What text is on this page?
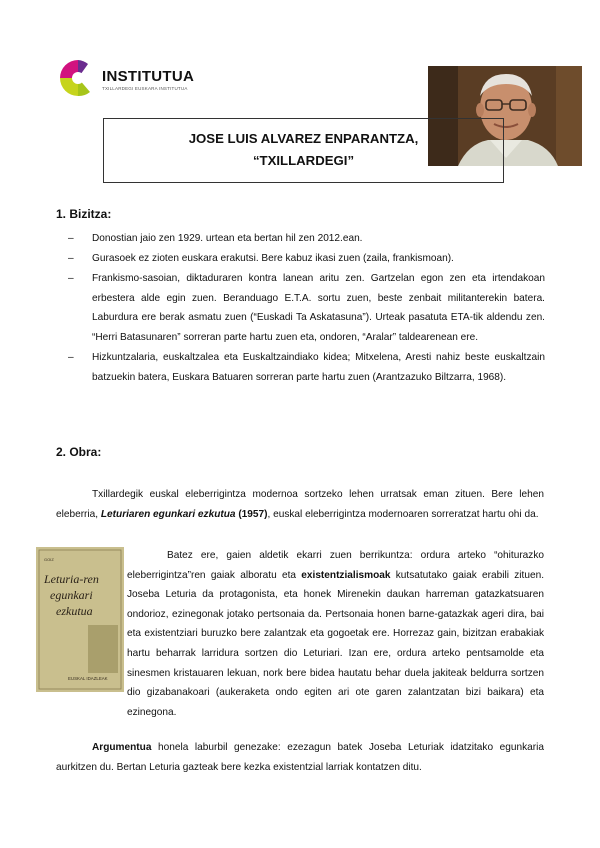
INSTITUTUA
TXILLARDEGI EUSKARA INSTITUTUA
JOSE LUIS ALVAREZ ENPARANTZA,
“TXILLARDEGI”
1. Bizitza:
– Donostian jaio zen 1929. urtean eta bertan hil zen 2012.ean.
– Gurasoek ez zioten euskara erakutsi. Bere kabuz ikasi zuen (zaila, frankismoan).
– Frankismo-sasoian, diktaduraren kontra lanean aritu zen. Gartzelan egon zen eta irtendakoan erbestera alde egin zuen. Beranduago E.T.A. sortu zuen, beste zenbait militanterekin batera. Laburdura ere berak asmatu zuen (“Euskadi Ta Askatasuna”). Urteak pasatuta ETA-tik aldendu zen. “Herri Batasunaren” sorreran parte hartu zuen eta, ondoren, “Aralar” taldearenean ere.
– Hizkuntzalaria, euskaltzalea eta Euskaltzaindiako kidea; Mitxelena, Aresti nahiz beste euskaltzain batzuekin batera, Euskara Batuaren sorreran parte hartu zuen (Arantzazuko Biltzarra, 1968).
2. Obra:
Txillardegik euskal eleberrigintza modernoa sortzeko lehen urratsak eman zituen. Bere lehen eleberria, Leturiaren egunkari ezkutua (1957), euskal eleberrigintza modernoaren sorreratzat hartu ohi da.
GOIZ
Leturia-ren
egunkari
ezkutua
EUSKAL IDAZLEAK
Batez ere, gaien aldetik ekarri zuen berrikuntza: ordura arteko “ohiturazko eleberrigintza”ren gaiak alboratu eta existentzialismoak kutsatutako gaiak erabili zituen. Joseba Leturia da protagonista, eta honek Mirenekin daukan harreman gatazkatsuaren ondorioz, ezinegonak jotako pertsonaia da. Pertsonaia honen barne-gatazkak ageri dira, bai eta existentziari buruzko bere zalantzak eta gogoetak ere. Horrezaz gain, bizitzan erabakiak hartu beharrak larridura sortzen dio Leturiari. Izan ere, ordura arteko pentsamolde eta sinesmen kristauaren lekuan, nork bere bidea hautatu behar duela jakiteak beldurra sortzen dio gizabanakoari (aukeraketa ondo egiten ari ote garen zalantzatan bizi baikara) eta ezinegona.
Argumentua honela laburbil genezake: ezezagun batek Joseba Leturiak idatzitako egunkaria aurkitzen du. Bertan Leturia gazteak bere kezka existentzial larriak kontatzen ditu.
